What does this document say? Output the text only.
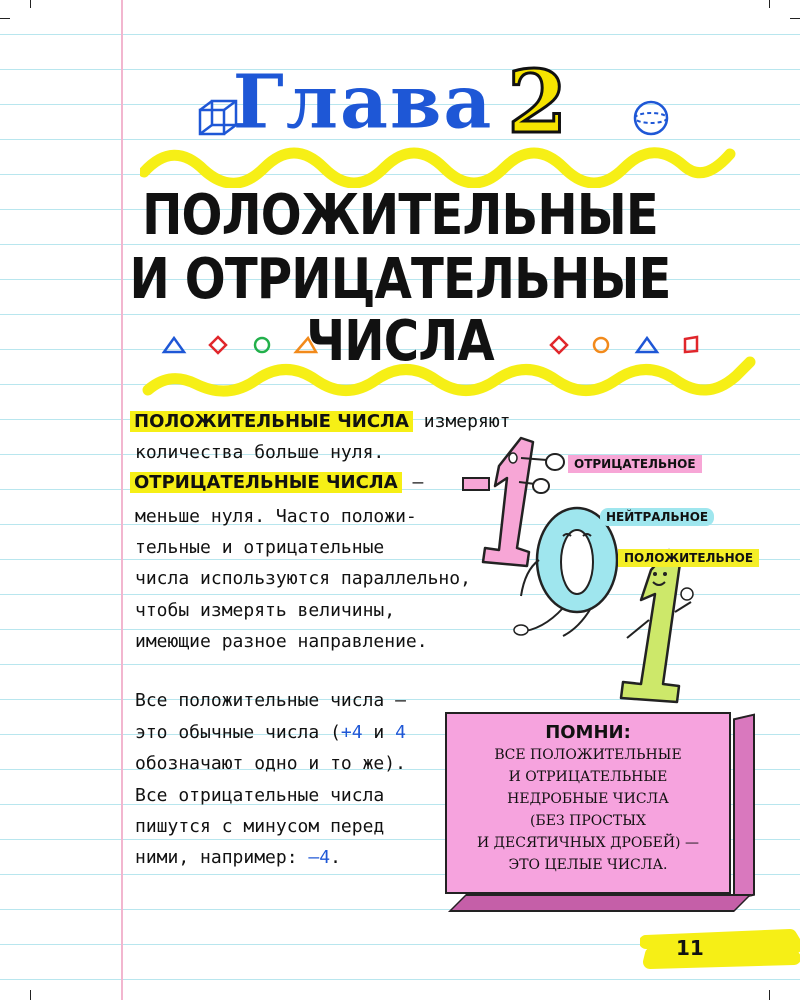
Глава 2
ПОЛОЖИТЕЛЬНЫЕ
И ОТРИЦАТЕЛЬНЫЕ
ЧИСЛА
ПОЛОЖИТЕЛЬНЫЕ ЧИСЛА измеряют
количества больше нуля.
ОТРИЦАТЕЛЬНЫЕ ЧИСЛА –
меньше нуля. Часто положи-
тельные и отрицательные
числа используются параллельно,
чтобы измерять величины,
имеющие разное направление.
Все положительные числа –
это обычные числа (+4 и 4
обозначают одно и то же).
Все отрицательные числа
пишутся с минусом перед
ними, например: –4.
ОТРИЦАТЕЛЬНОЕ
НЕЙТРАЛЬНОЕ
ПОЛОЖИТЕЛЬНОЕ
ПОМНИ:
ВСЕ ПОЛОЖИТЕЛЬНЫЕ
И ОТРИЦАТЕЛЬНЫЕ
НЕДРОБНЫЕ ЧИСЛА
(БЕЗ ПРОСТЫХ
И ДЕСЯТИЧНЫХ ДРОБЕЙ) —
ЭТО ЦЕЛЫЕ ЧИСЛА.
11
